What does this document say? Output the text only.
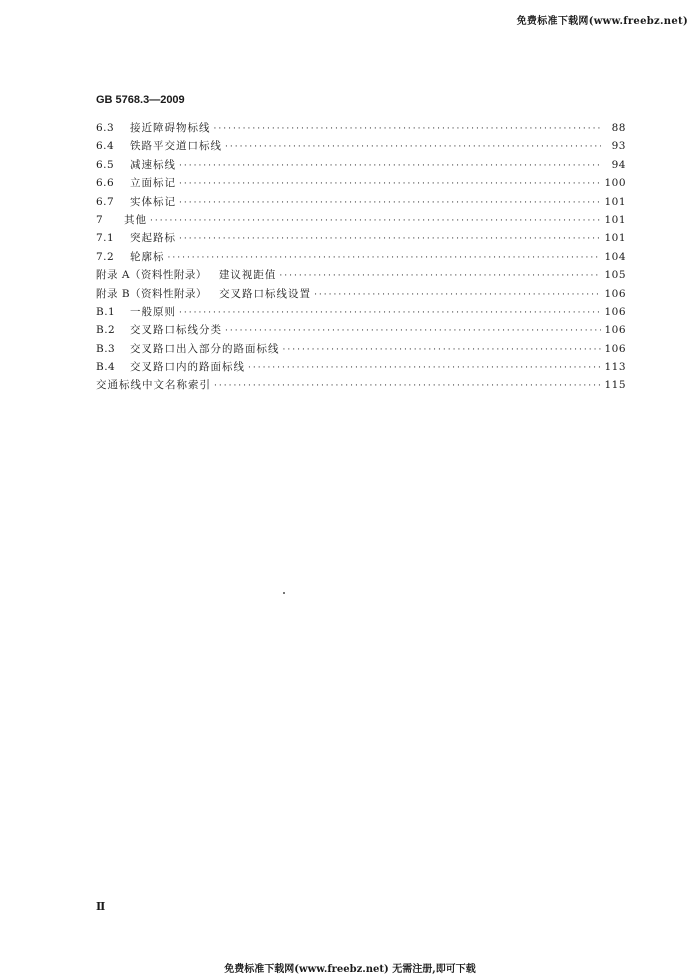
免费标准下载网(www.freebz.net)
GB 5768.3—2009
6.3	接近障碍物标线 ·····	88
6.4	铁路平交道口标线 ·····	93
6.5	减速标线 ·····	94
6.6	立面标记 ·····	100
6.7	实体标记 ·····	101
7	其他 ·····	101
7.1	突起路标 ·····	101
7.2	轮廓标 ·····	104
附录 A（资料性附录） 建议视距值 ·····	105
附录 B（资料性附录） 交叉路口标线设置 ·····	106
B.1	一般原则 ·····	106
B.2	交叉路口标线分类 ·····	106
B.3	交叉路口出入部分的路面标线 ·····	106
B.4	交叉路口内的路面标线 ·····	113
交通标线中文名称索引 ·····	115
Ⅱ
免费标准下载网(www.freebz.net) 无需注册,即可下载
